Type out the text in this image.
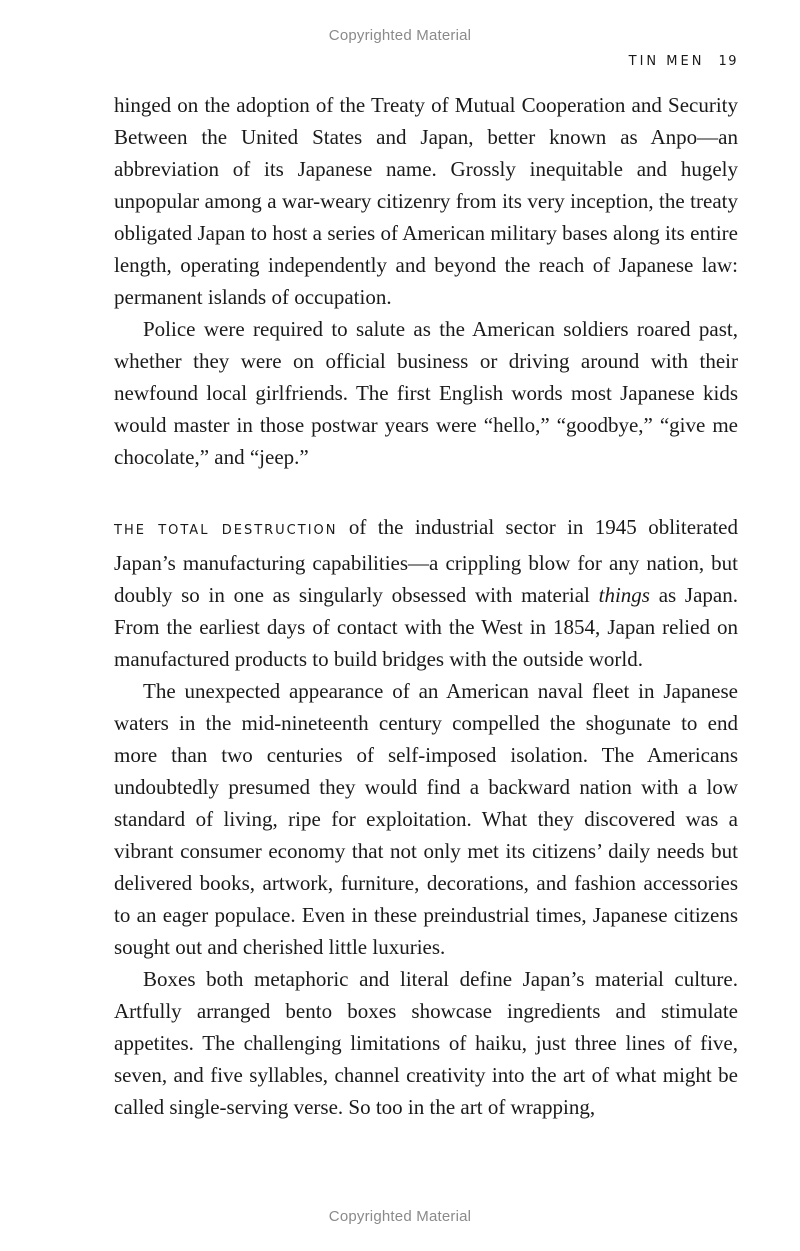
Copyrighted Material
TIN MEN 19

hinged on the adoption of the Treaty of Mutual Cooperation and Security Between the United States and Japan, better known as Anpo—an abbreviation of its Japanese name. Grossly inequitable and hugely unpopular among a war-weary citizenry from its very inception, the treaty obligated Japan to host a series of American military bases along its entire length, operating independently and beyond the reach of Japanese law: permanent islands of occupation.

Police were required to salute as the American soldiers roared past, whether they were on official business or driving around with their newfound local girlfriends. The first English words most Japanese kids would master in those postwar years were “hello,” “goodbye,” “give me chocolate,” and “jeep.”

THE TOTAL DESTRUCTION of the industrial sector in 1945 obliterated Japan’s manufacturing capabilities—a crippling blow for any nation, but doubly so in one as singularly obsessed with material things as Japan. From the earliest days of contact with the West in 1854, Japan relied on manufactured products to build bridges with the outside world.

The unexpected appearance of an American naval fleet in Japanese waters in the mid-nineteenth century compelled the shogunate to end more than two centuries of self-imposed isolation. The Americans undoubtedly presumed they would find a backward nation with a low standard of living, ripe for exploitation. What they discovered was a vibrant consumer economy that not only met its citizens’ daily needs but delivered books, artwork, furniture, decorations, and fashion accessories to an eager populace. Even in these preindustrial times, Japanese citizens sought out and cherished little luxuries.

Boxes both metaphoric and literal define Japan’s material culture. Artfully arranged bento boxes showcase ingredients and stimulate appetites. The challenging limitations of haiku, just three lines of five, seven, and five syllables, channel creativity into the art of what might be called single-serving verse. So too in the art of wrapping,

Copyrighted Material
